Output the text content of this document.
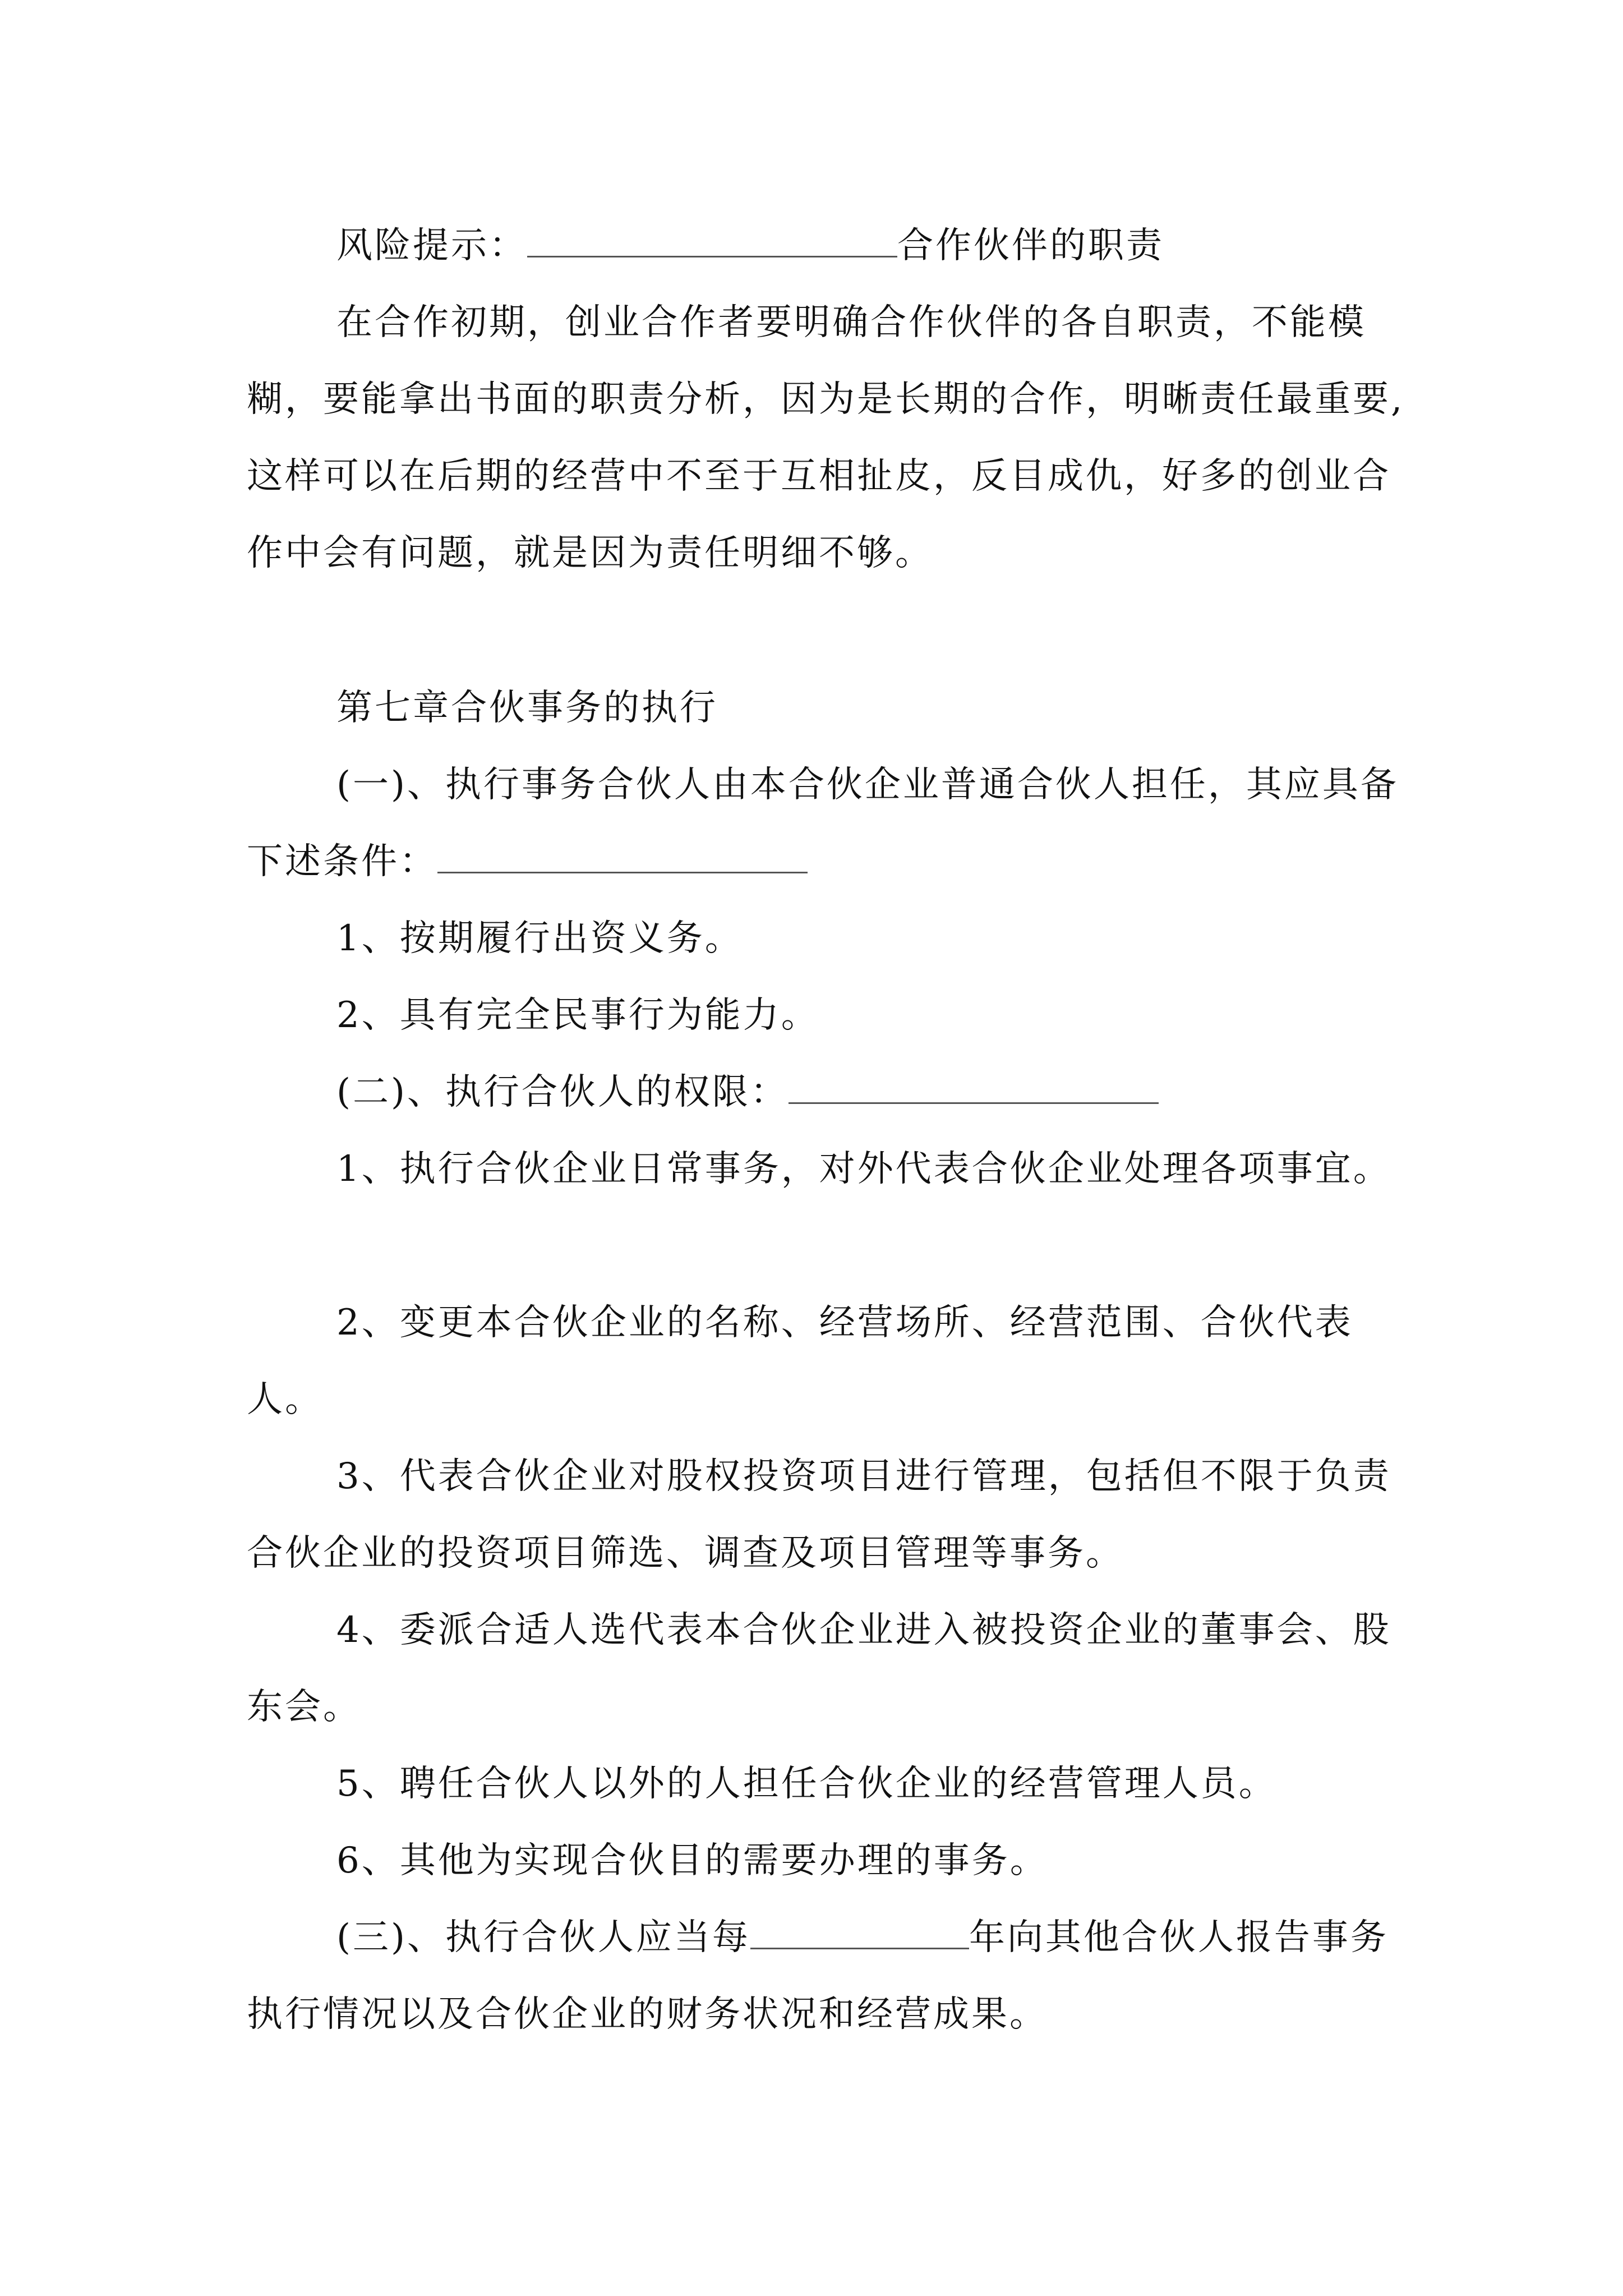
风险提示：	合作伙伴的职责

在合作初期，创业合作者要明确合作伙伴的各自职责，不能模糊，要能拿出书面的职责分析，因为是长期的合作，明晰责任最重要,这样可以在后期的经营中不至于互相扯皮，反目成仇，好多的创业合作中会有问题，就是因为责任明细不够。

第七章合伙事务的执行

(一)、执行事务合伙人由本合伙企业普通合伙人担任，其应具备下述条件：

1、按期履行出资义务。

2、具有完全民事行为能力。

(二)、执行合伙人的权限：

1、执行合伙企业日常事务，对外代表合伙企业处理各项事宜。

2、变更本合伙企业的名称、经营场所、经营范围、合伙代表人。

3、代表合伙企业对股权投资项目进行管理，包括但不限于负责合伙企业的投资项目筛选、调查及项目管理等事务。

4、委派合适人选代表本合伙企业进入被投资企业的董事会、股东会。

5、聘任合伙人以外的人担任合伙企业的经营管理人员。

6、其他为实现合伙目的需要办理的事务。

(三)、执行合伙人应当每	年向其他合伙人报告事务执行情况以及合伙企业的财务状况和经营成果。
